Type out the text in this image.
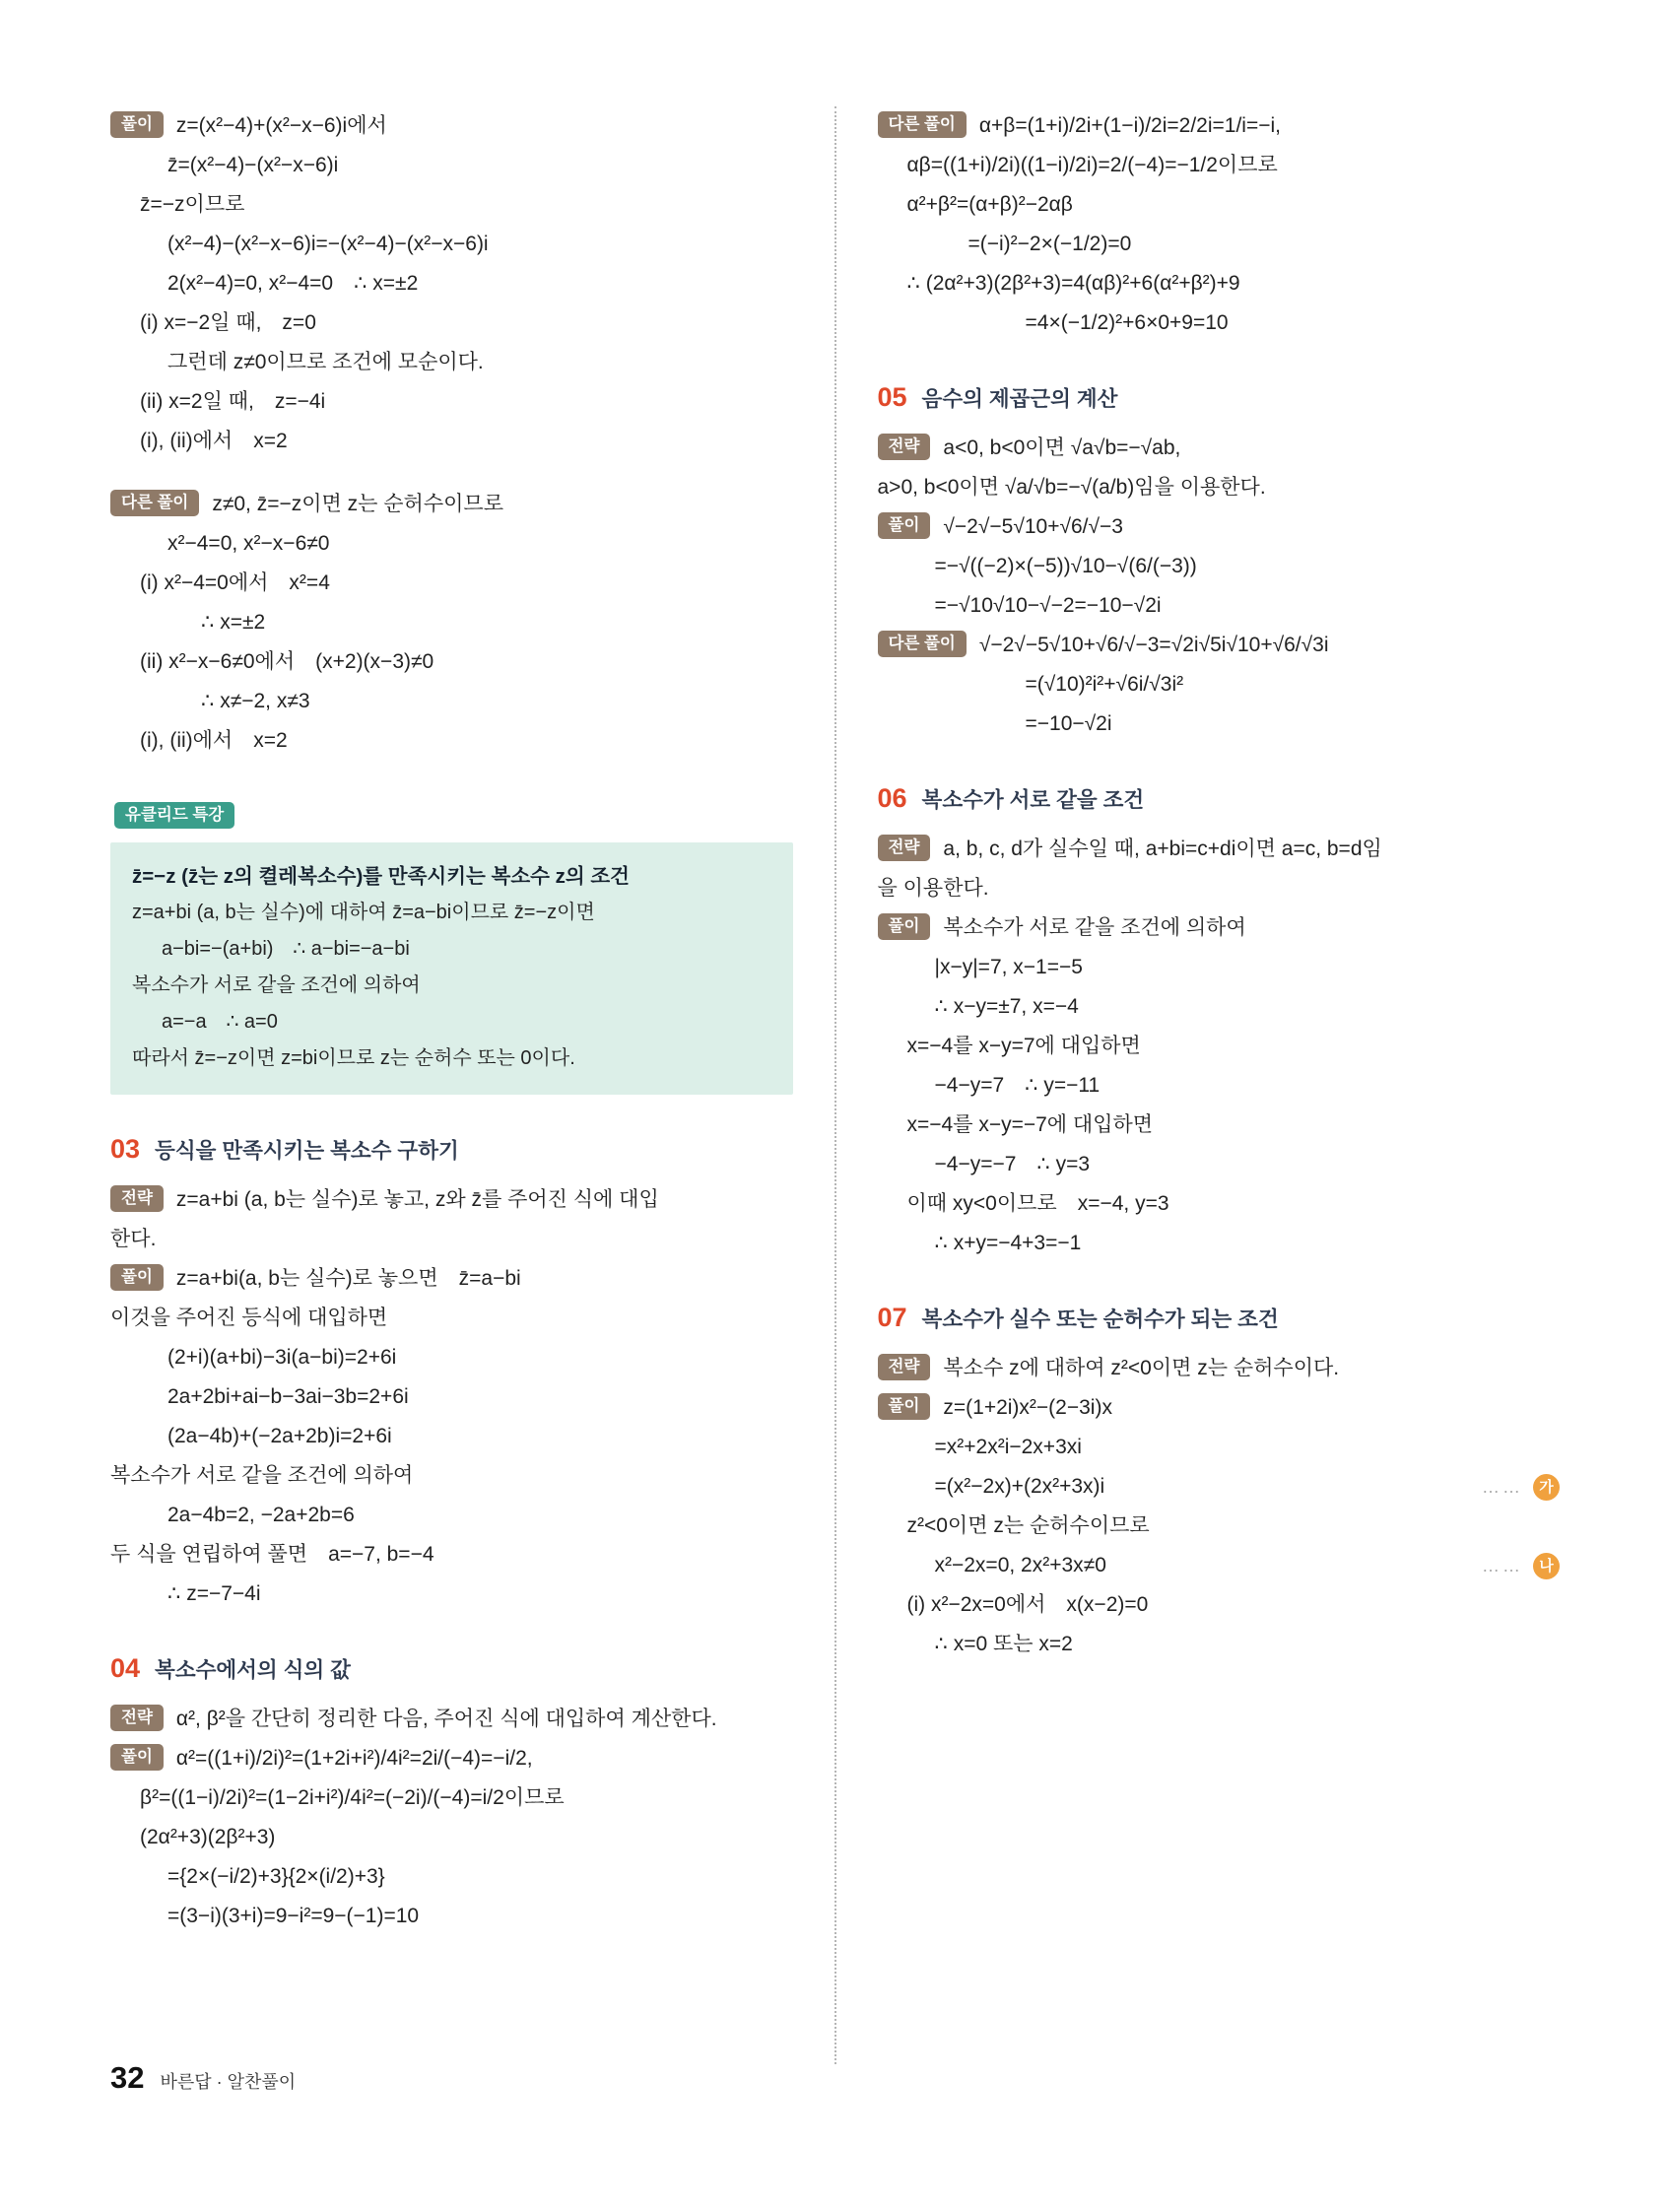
풀이 z=(x²−4)+(x²−x−6)i에서
z̄=(x²−4)−(x²−x−6)i
z̄=−z이므로
(x²−4)−(x²−x−6)i=−(x²−4)−(x²−x−6)i
2(x²−4)=0, x²−4=0 ∴ x=±2
(i) x=−2일 때, z=0
그런데 z≠0이므로 조건에 모순이다.
(ii) x=2일 때, z=−4i
(i), (ii)에서 x=2
다른 풀이 z≠0, z̄=−z이면 z는 순허수이므로
x²−4=0, x²−x−6≠0
(i) x²−4=0에서 x²=4
∴ x=±2
(ii) x²−x−6≠0에서 (x+2)(x−3)≠0
∴ x≠−2, x≠3
(i), (ii)에서 x=2
유클리드 특강
z̄=−z (z̄는 z의 켤레복소수)를 만족시키는 복소수 z의 조건
z=a+bi (a, b는 실수)에 대하여 z̄=a−bi이므로 z̄=−z이면
a−bi=−(a+bi) ∴ a−bi=−a−bi
복소수가 서로 같을 조건에 의하여
a=−a ∴ a=0
따라서 z̄=−z이면 z=bi이므로 z는 순허수 또는 0이다.
03 등식을 만족시키는 복소수 구하기
전략 z=a+bi (a, b는 실수)로 놓고, z와 z̄를 주어진 식에 대입
한다.
풀이 z=a+bi(a, b는 실수)로 놓으면 z̄=a−bi
이것을 주어진 등식에 대입하면
(2+i)(a+bi)−3i(a−bi)=2+6i
2a+2bi+ai−b−3ai−3b=2+6i
(2a−4b)+(−2a+2b)i=2+6i
복소수가 서로 같을 조건에 의하여
2a−4b=2, −2a+2b=6
두 식을 연립하여 풀면 a=−7, b=−4
∴ z=−7−4i
04 복소수에서의 식의 값
전략 α², β²을 간단히 정리한 다음, 주어진 식에 대입하여 계산한다.
풀이 α²=((1+i)/2i)²=(1+2i+i²)/4i²=2i/(−4)=−i/2,
β²=((1−i)/2i)²=(1−2i+i²)/4i²=(−2i)/(−4)=i/2이므로
(2α²+3)(2β²+3)
={2×(−i/2)+3}{2×(i/2)+3}
=(3−i)(3+i)=9−i²=9−(−1)=10
다른 풀이 α+β=(1+i)/2i+(1−i)/2i=2/2i=1/i=−i,
αβ=((1+i)/2i)((1−i)/2i)=2/(−4)=−1/2이므로
α²+β²=(α+β)²−2αβ
=(−i)²−2×(−1/2)=0
∴ (2α²+3)(2β²+3)=4(αβ)²+6(α²+β²)+9
=4×(−1/2)²+6×0+9=10
05 음수의 제곱근의 계산
전략 a<0, b<0이면 √a√b=−√ab,
a>0, b<0이면 √a/√b=−√(a/b)임을 이용한다.
풀이 √−2√−5√10+√6/√−3
=−√((−2)×(−5))√10−√(6/(−3))
=−√10√10−√−2=−10−√2i
다른 풀이 √−2√−5√10+√6/√−3=√2i√5i√10+√6/√3i
=(√10)²i²+√6i/√3i²
=−10−√2i
06 복소수가 서로 같을 조건
전략 a, b, c, d가 실수일 때, a+bi=c+di이면 a=c, b=d임
을 이용한다.
풀이 복소수가 서로 같을 조건에 의하여
|x−y|=7, x−1=−5
∴ x−y=±7, x=−4
x=−4를 x−y=7에 대입하면
−4−y=7 ∴ y=−11
x=−4를 x−y=−7에 대입하면
−4−y=−7 ∴ y=3
이때 xy<0이므로 x=−4, y=3
∴ x+y=−4+3=−1
07 복소수가 실수 또는 순허수가 되는 조건
전략 복소수 z에 대하여 z²<0이면 z는 순허수이다.
풀이 z=(1+2i)x²−(2−3i)x
=x²+2x²i−2x+3xi
=(x²−2x)+(2x²+3x)i	……	가
z²<0이면 z는 순허수이므로
x²−2x=0, 2x²+3x≠0	……	나
(i) x²−2x=0에서 x(x−2)=0
∴ x=0 또는 x=2
32 바른답 · 알찬풀이
